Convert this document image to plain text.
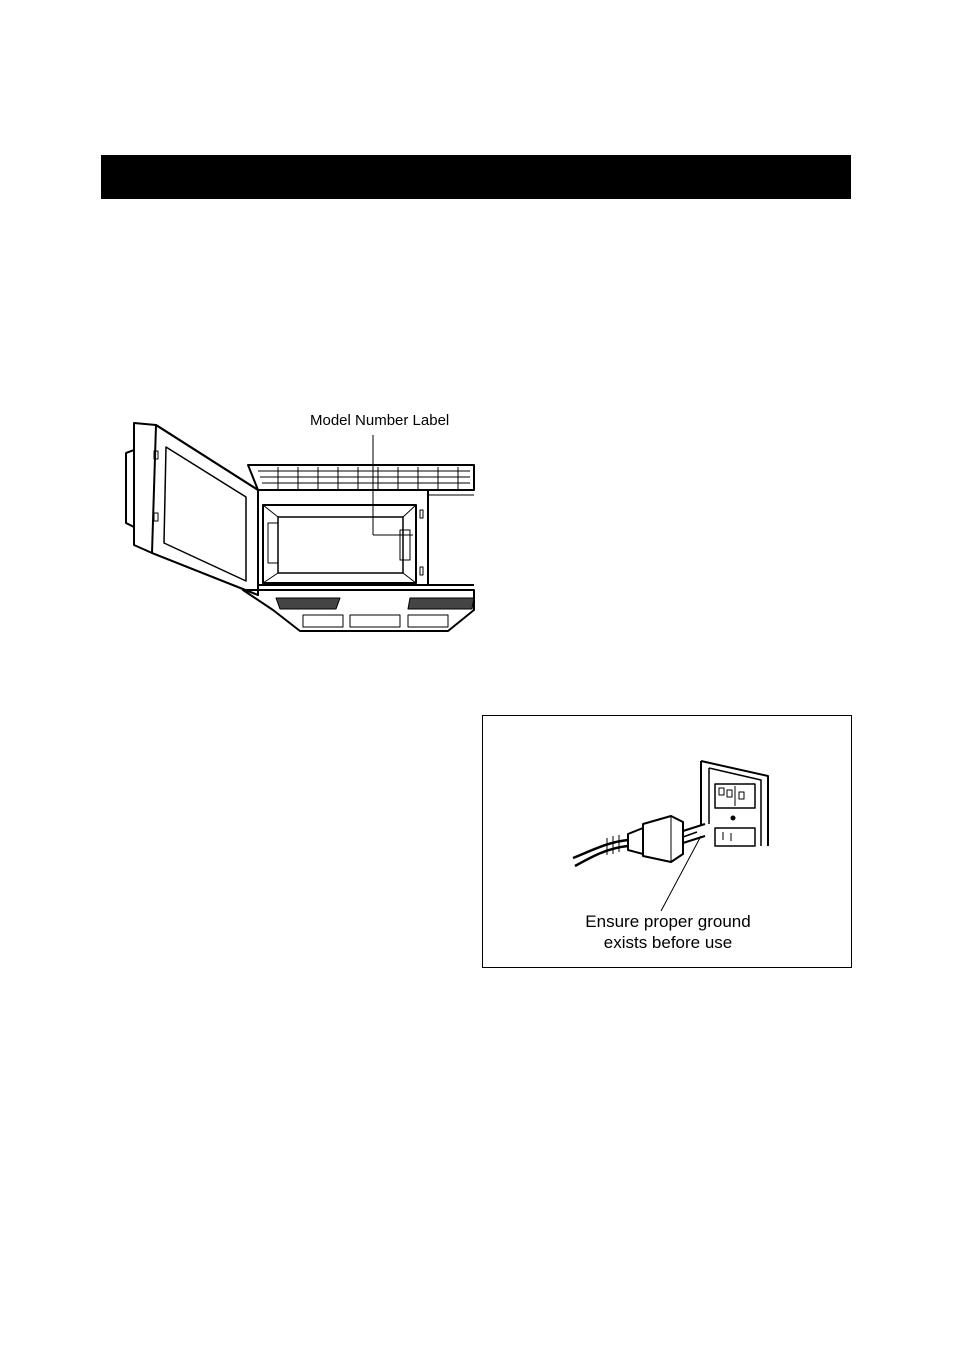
Model Number Label
Ensure proper ground
exists before use
